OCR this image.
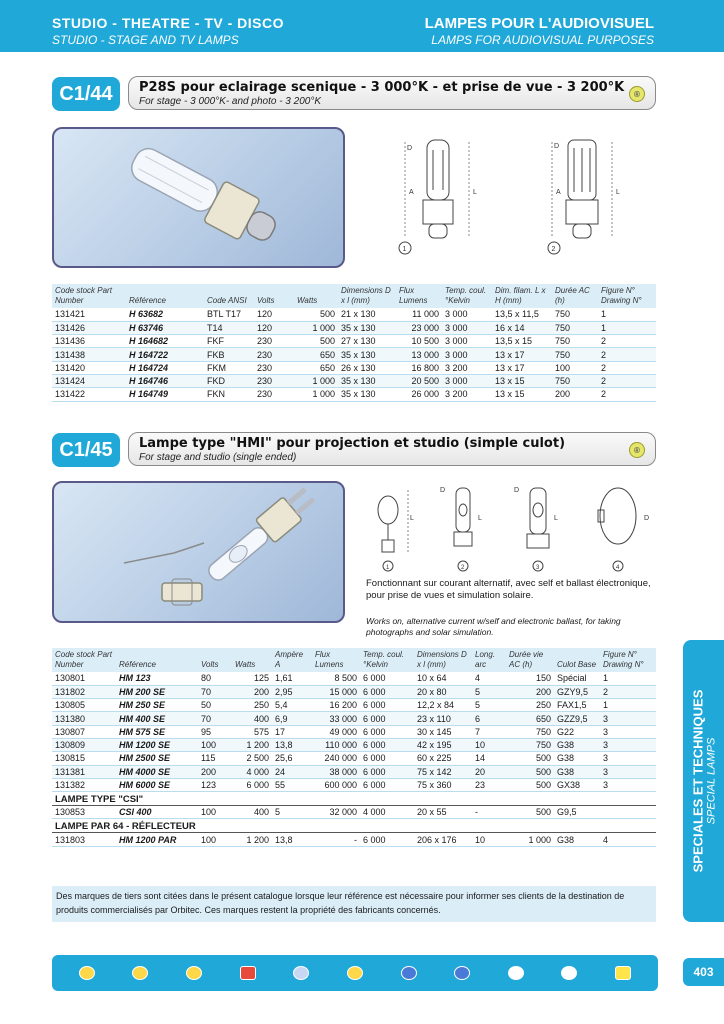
STUDIO - THEATRE - TV - DISCO
STUDIO - STAGE AND TV LAMPS
LAMPES POUR L'AUDIOVISUEL
LAMPS FOR AUDIOVISUAL PURPOSES
C1/44	P28S pour eclairage scenique - 3 000°K - et prise de vue - 3 200°K
For stage - 3 000°K- and photo - 3 200°K
®
D
A	L
1
D
A	L
2
Code stock Part Number	Référence	Code ANSI	Volts	Watts	Dimensions D x l (mm)	Flux Lumens	Temp. coul. °Kelvin	Dim. filam. L x H (mm)	Durée AC (h)	Figure N° Drawing N°
131421	H 63682	BTL T17	120	500	21 x 130	11 000	3 000	13,5 x 11,5	750	1
131426	H 63746	T14	120	1 000	35 x 130	23 000	3 000	16 x 14	750	1
131436	H 164682	FKF	230	500	27 x 130	10 500	3 000	13,5 x 15	750	2
131438	H 164722	FKB	230	650	35 x 130	13 000	3 000	13 x 17	750	2
131420	H 164724	FKM	230	650	26 x 130	16 800	3 200	13 x 17	100	2
131424	H 164746	FKD	230	1 000	35 x 130	20 500	3 000	13 x 15	750	2
131422	H 164749	FKN	230	1 000	35 x 130	26 000	3 200	13 x 15	200	2
C1/45	Lampe type "HMI" pour projection et studio (simple culot)
For stage and studio (single ended)
®
L
1
D
L
2
D
L
3
D
4
Fonctionnant sur courant alternatif, avec self et ballast électronique, pour prise de vues et simulation solaire.
Works on, alternative current w/self and electronic ballast, for taking photographs and solar simulation.
Code stock Part Number	Référence	Volts	Watts	Ampère A	Flux Lumens	Temp. coul. °Kelvin	Dimensions D x l (mm)	Long. arc	Durée vie AC (h)	Culot Base	Figure N° Drawing N°
130801	HM 123	80	125	1,61	8 500	6 000	10 x 64	4	150	Spécial	1
131802	HM 200 SE	70	200	2,95	15 000	6 000	20 x 80	5	200	GZY9,5	2
130805	HM 250 SE	50	250	5,4	16 200	6 000	12,2 x 84	5	250	FAX1,5	1
131380	HM 400 SE	70	400	6,9	33 000	6 000	23 x 110	6	650	GZZ9,5	3
130807	HM 575 SE	95	575	17	49 000	6 000	30 x 145	7	750	G22	3
130809	HM 1200 SE	100	1 200	13,8	110 000	6 000	42 x 195	10	750	G38	3
130815	HM 2500 SE	115	2 500	25,6	240 000	6 000	60 x 225	14	500	G38	3
131381	HM 4000 SE	200	4 000	24	38 000	6 000	75 x 142	20	500	G38	3
131382	HM 6000 SE	123	6 000	55	600 000	6 000	75 x 360	23	500	GX38	3
LAMPE TYPE "CSI"											
130853	CSI 400	100	400	5	32 000	4 000	20 x 55	-	500	G9,5	
LAMPE PAR 64 - RÉFLECTEUR											
131803	HM 1200 PAR	100	1 200	13,8	-	6 000	206 x 176	10	1 000	G38	4
Des marques de tiers sont citées dans le présent catalogue lorsque leur référence est nécessaire pour informer ses clients de la destination de produits commercialisés par Orbitec. Ces marques restent la propriété des fabricants concernés.
SPECIALES ET TECHNIQUES SPECIAL LAMPS
403
